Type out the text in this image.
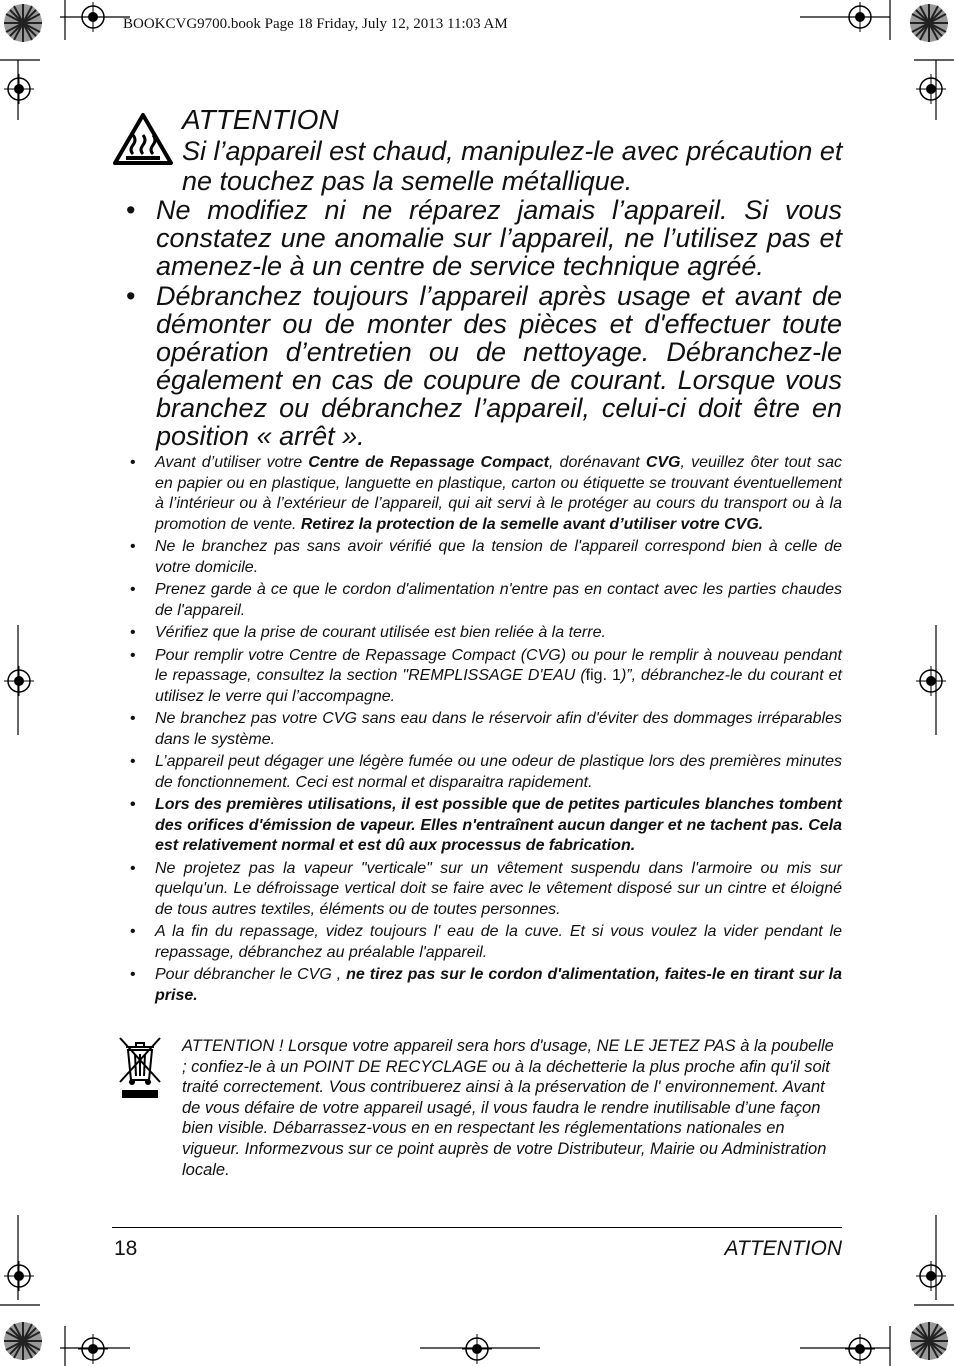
BOOKCVG9700.book Page 18 Friday, July 12, 2013 11:03 AM
ATTENTION
Si l’appareil est chaud, manipulez-le avec précaution et ne touchez pas la semelle métallique.
• Ne modifiez ni ne réparez jamais l’appareil. Si vous constatez une anomalie sur l’appareil, ne l’utilisez pas et amenez-le à un centre de service technique agréé.
• Débranchez toujours l’appareil après usage et avant de démonter ou de monter des pièces et d'effectuer toute opération d’entretien ou de nettoyage. Débranchez-le également en cas de coupure de courant. Lorsque vous branchez ou débranchez l’appareil, celui-ci doit être en position « arrêt ».
• Avant d’utiliser votre Centre de Repassage Compact, dorénavant CVG, veuillez ôter tout sac en papier ou en plastique, languette en plastique, carton ou étiquette se trouvant éventuellement à l’intérieur ou à l’extérieur de l’appareil, qui ait servi à le protéger au cours du transport ou à la promotion de vente. Retirez la protection de la semelle avant d’utiliser votre CVG.
• Ne le branchez pas sans avoir vérifié que la tension de l'appareil correspond bien à celle de votre domicile.
• Prenez garde à ce que le cordon d'alimentation n'entre pas en contact avec les parties chaudes de l'appareil.
• Vérifiez que la prise de courant utilisée est bien reliée à la terre.
• Pour remplir votre Centre de Repassage Compact (CVG) ou pour le remplir à nouveau pendant le repassage, consultez la section "REMPLISSAGE D'EAU (fig. 1)”, débranchez-le du courant et utilisez le verre qui l’accompagne.
• Ne branchez pas votre CVG sans eau dans le réservoir afin d'éviter des dommages irréparables dans le système.
• L’appareil peut dégager une légère fumée ou une odeur de plastique lors des premières minutes de fonctionnement. Ceci est normal et disparaitra rapidement.
• Lors des premières utilisations, il est possible que de petites particules blanches tombent des orifices d'émission de vapeur. Elles n'entraînent aucun danger et ne tachent pas. Cela est relativement normal et est dû aux processus de fabrication.
• Ne projetez pas la vapeur "verticale" sur un vêtement suspendu dans l'armoire ou mis sur quelqu'un. Le défroissage vertical doit se faire avec le vêtement disposé sur un cintre et éloigné de tous autres textiles, éléments ou de toutes personnes.
• A la fin du repassage, videz toujours l' eau de la cuve. Et si vous voulez la vider pendant le repassage, débranchez au préalable l'appareil.
• Pour débrancher le CVG , ne tirez pas sur le cordon d'alimentation, faites-le en tirant sur la prise.
ATTENTION ! Lorsque votre appareil sera hors d'usage, NE LE JETEZ PAS à la poubelle ; confiez-le à un POINT DE RECYCLAGE ou à la déchetterie la plus proche afin qu'il soit traité correctement. Vous contribuerez ainsi à la préservation de l' environnement. Avant de vous défaire de votre appareil usagé, il vous faudra le rendre inutilisable d’une façon bien visible. Débarrassez-vous en en respectant les réglementations nationales en vigueur. Informezvous sur ce point auprès de votre Distributeur, Mairie ou Administration locale.
18	ATTENTION
